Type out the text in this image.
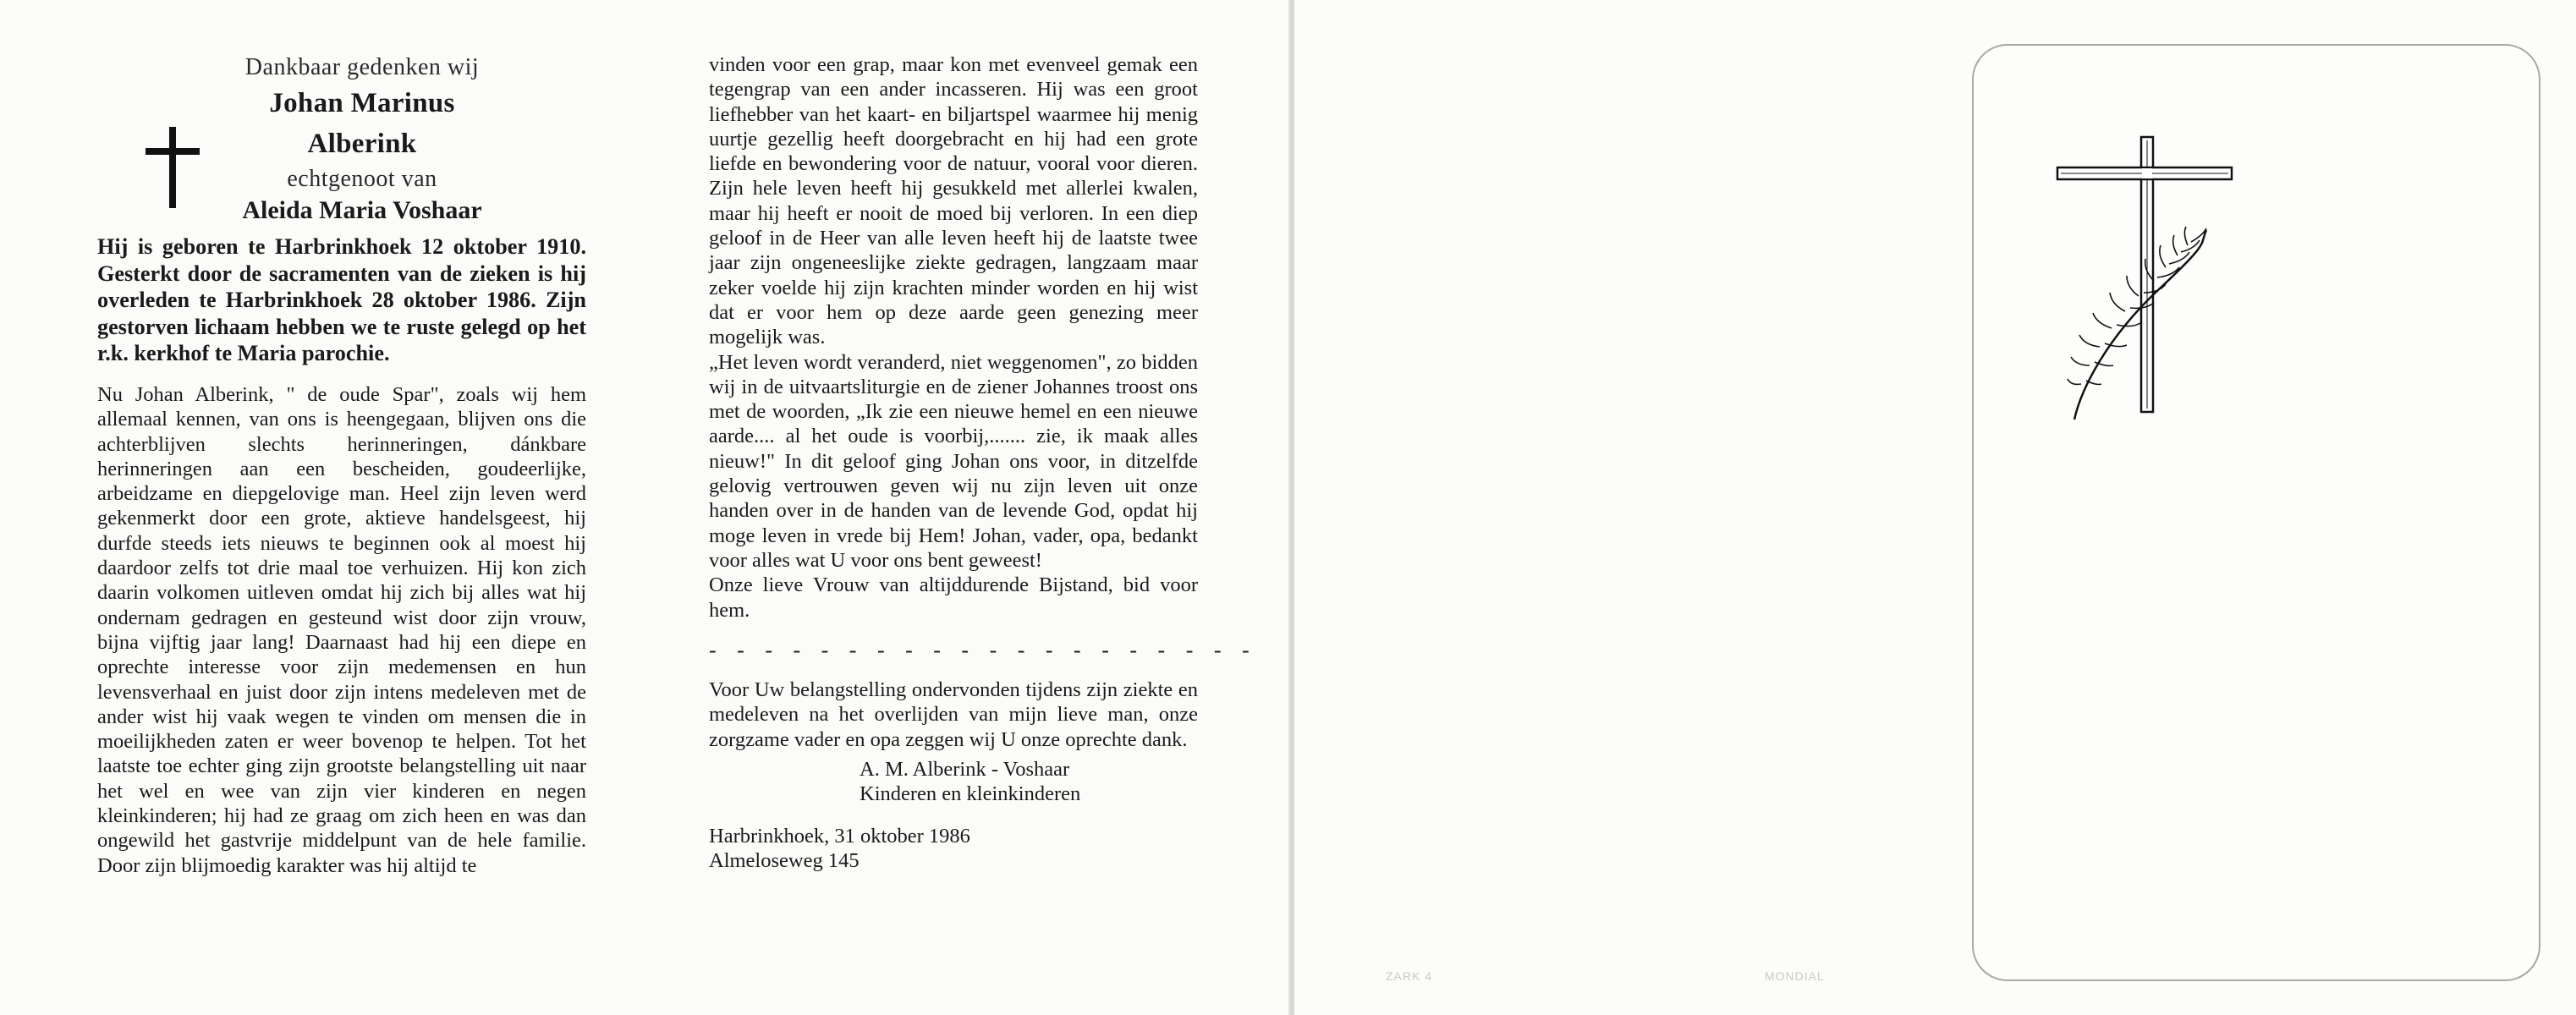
Dankbaar gedenken wij

Johan Marinus

Alberink

echtgenoot van

Aleida Maria Voshaar

Hij is geboren te Harbrinkhoek 12 oktober 1910. Gesterkt door de sacramenten van de zieken is hij overleden te Harbrinkhoek 28 oktober 1986. Zijn gestorven lichaam hebben we te ruste gelegd op het r.k. kerkhof te Maria parochie.

Nu Johan Alberink, " de oude Spar", zoals wij hem allemaal kennen, van ons is heengegaan, blijven ons die achterblijven slechts herinneringen, dánkbare herinneringen aan een bescheiden, goudeerlijke, arbeidzame en diepgelovige man. Heel zijn leven werd gekenmerkt door een grote, aktieve handelsgeest, hij durfde steeds iets nieuws te beginnen ook al moest hij daardoor zelfs tot drie maal toe verhuizen. Hij kon zich daarin volkomen uitleven omdat hij zich bij alles wat hij ondernam gedragen en gesteund wist door zijn vrouw, bijna vijftig jaar lang! Daarnaast had hij een diepe en oprechte interesse voor zijn medemensen en hun levensverhaal en juist door zijn intens medeleven met de ander wist hij vaak wegen te vinden om mensen die in moeilijkheden zaten er weer bovenop te helpen. Tot het laatste toe echter ging zijn grootste belangstelling uit naar het wel en wee van zijn vier kinderen en negen kleinkinderen; hij had ze graag om zich heen en was dan ongewild het gastvrije middelpunt van de hele familie. Door zijn blijmoedig karakter was hij altijd te

vinden voor een grap, maar kon met evenveel gemak een tegengrap van een ander incasseren. Hij was een groot liefhebber van het kaart- en biljartspel waarmee hij menig uurtje gezellig heeft doorgebracht en hij had een grote liefde en bewondering voor de natuur, vooral voor dieren. Zijn hele leven heeft hij gesukkeld met allerlei kwalen, maar hij heeft er nooit de moed bij verloren. In een diep geloof in de Heer van alle leven heeft hij de laatste twee jaar zijn ongeneeslijke ziekte gedragen, langzaam maar zeker voelde hij zijn krachten minder worden en hij wist dat er voor hem op deze aarde geen genezing meer mogelijk was.

„Het leven wordt veranderd, niet weggenomen", zo bidden wij in de uitvaartsliturgie en de ziener Johannes troost ons met de woorden, „Ik zie een nieuwe hemel en een nieuwe aarde.... al het oude is voorbij,....... zie, ik maak alles nieuw!" In dit geloof ging Johan ons voor, in ditzelfde gelovig vertrouwen geven wij nu zijn leven uit onze handen over in de handen van de levende God, opdat hij moge leven in vrede bij Hem! Johan, vader, opa, bedankt voor alles wat U voor ons bent geweest!

Onze lieve Vrouw van altijddurende Bijstand, bid voor hem.

- - - - - - - - - - - - - - - - - - - -

Voor Uw belangstelling ondervonden tijdens zijn ziekte en medeleven na het overlijden van mijn lieve man, onze zorgzame vader en opa zeggen wij U onze oprechte dank.

A. M. Alberink - Voshaar

Kinderen en kleinkinderen

Harbrinkhoek, 31 oktober 1986

Almeloseweg 145

ZARK 4	MONDIAL
